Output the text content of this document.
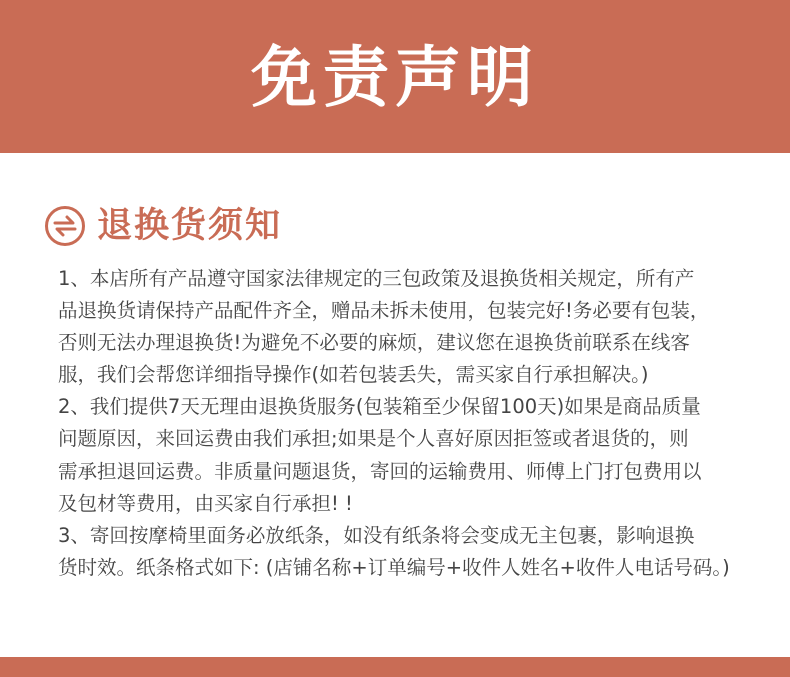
免责声明
退换货须知
1、本店所有产品遵守国家法律规定的三包政策及退换货相关规定，所有产
品退换货请保持产品配件齐全，赠品未拆未使用，包装完好!务必要有包装，
否则无法办理退换货!为避免不必要的麻烦，建议您在退换货前联系在线客
服，我们会帮您详细指导操作(如若包装丢失，需买家自行承担解决。)
2、我们提供7天无理由退换货服务(包装箱至少保留100天)如果是商品质量
问题原因，来回运费由我们承担;如果是个人喜好原因拒签或者退货的，则
需承担退回运费。非质量问题退货，寄回的运输费用、师傅上门打包费用以
及包材等费用，由买家自行承担! !
3、寄回按摩椅里面务必放纸条，如没有纸条将会变成无主包裹，影响退换
货时效。纸条格式如下: (店铺名称+订单编号+收件人姓名+收件人电话号码。)
